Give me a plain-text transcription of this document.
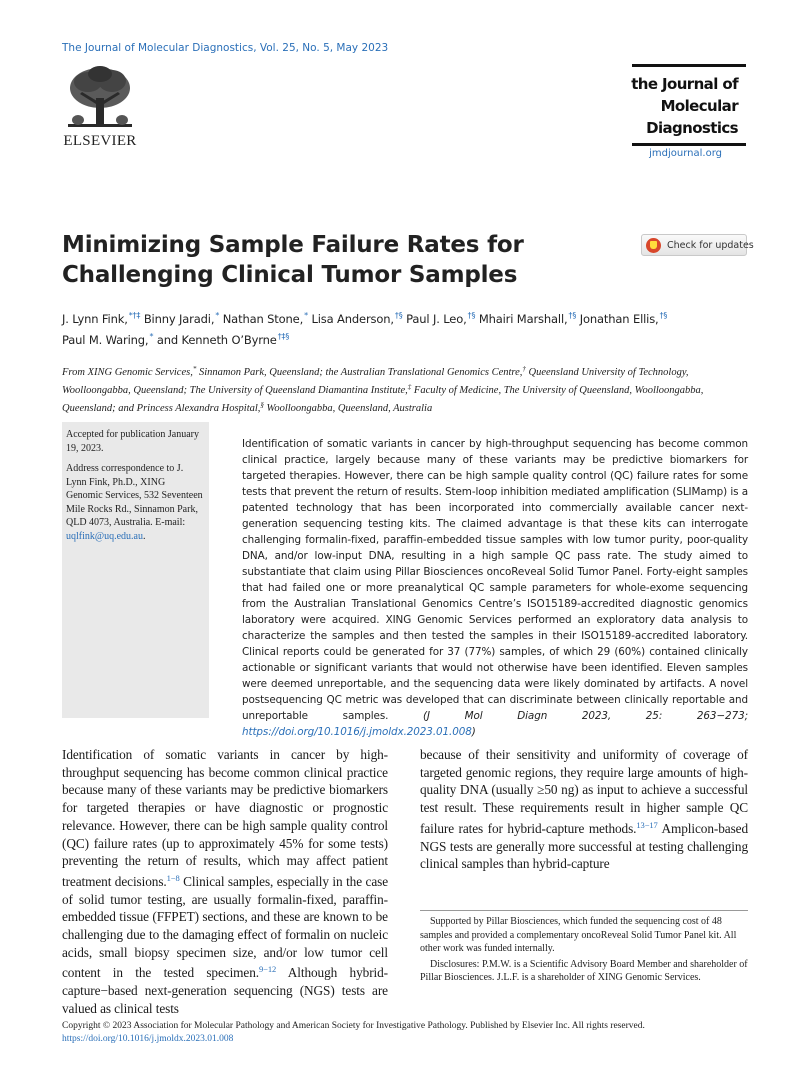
The Journal of Molecular Diagnostics, Vol. 25, No. 5, May 2023
ELSEVIER
the Journal of
Molecular
Diagnostics
jmdjournal.org
Minimizing Sample Failure Rates for
Challenging Clinical Tumor Samples
Check for updates
J. Lynn Fink,*†‡ Binny Jaradi,* Nathan Stone,* Lisa Anderson,†§ Paul J. Leo,†§ Mhairi Marshall,†§ Jonathan Ellis,†§
Paul M. Waring,* and Kenneth O’Byrne†‡§
From XING Genomic Services,* Sinnamon Park, Queensland; the Australian Translational Genomics Centre,† Queensland University of Technology, Woolloongabba, Queensland; The University of Queensland Diamantina Institute,‡ Faculty of Medicine, The University of Queensland, Woolloongabba, Queensland; and Princess Alexandra Hospital,§ Woolloongabba, Queensland, Australia

Accepted for publication January 19, 2023.

Address correspondence to J. Lynn Fink, Ph.D., XING Genomic Services, 532 Seventeen Mile Rocks Rd., Sinnamon Park, QLD 4073, Australia. E-mail: uqlfink@uq.edu.au.

Identification of somatic variants in cancer by high-throughput sequencing has become common clinical practice, largely because many of these variants may be predictive biomarkers for targeted therapies. However, there can be high sample quality control (QC) failure rates for some tests that prevent the return of results. Stem-loop inhibition mediated amplification (SLIMamp) is a patented technology that has been incorporated into commercially available cancer next-generation sequencing testing kits. The claimed advantage is that these kits can interrogate challenging formalin-fixed, paraffin-embedded tissue samples with low tumor purity, poor-quality DNA, and/or low-input DNA, resulting in a high sample QC pass rate. The study aimed to substantiate that claim using Pillar Biosciences oncoReveal Solid Tumor Panel. Forty-eight samples that had failed one or more preanalytical QC sample parameters for whole-exome sequencing from the Australian Translational Genomics Centre’s ISO15189-accredited diagnostic genomics laboratory were acquired. XING Genomic Services performed an exploratory data analysis to characterize the samples and then tested the samples in their ISO15189-accredited laboratory. Clinical reports could be generated for 37 (77%) samples, of which 29 (60%) contained clinically actionable or significant variants that would not otherwise have been identified. Eleven samples were deemed unreportable, and the sequencing data were likely dominated by artifacts. A novel postsequencing QC metric was developed that can discriminate between clinically reportable and unreportable samples. (J Mol Diagn 2023, 25: 263−273; https://doi.org/10.1016/j.jmoldx.2023.01.008)
Identification of somatic variants in cancer by high-throughput sequencing has become common clinical practice because many of these variants may be predictive biomarkers for targeted therapies or have diagnostic or prognostic relevance. However, there can be high sample quality control (QC) failure rates (up to approximately 45% for some tests) preventing the return of results, which may affect patient treatment decisions.$^{1-8}$ Clinical samples, especially in the case of solid tumor testing, are usually formalin-fixed, paraffin-embedded tissue (FFPET) sections, and these are known to be challenging due to the damaging effect of formalin on nucleic acids, small biopsy specimen size, and/or low tumor cell content in the tested specimen.$^{9-12}$ Although hybrid-capture−based next-generation sequencing (NGS) tests are valued as clinical tests
because of their sensitivity and uniformity of coverage of targeted genomic regions, they require large amounts of high-quality DNA (usually ≥50 ng) as input to achieve a successful test result. These requirements result in higher sample QC failure rates for hybrid-capture methods.$^{13-17}$ Amplicon-based NGS tests are generally more successful at testing challenging clinical samples than hybrid-capture

Supported by Pillar Biosciences, which funded the sequencing cost of 48 samples and provided a complementary oncoReveal Solid Tumor Panel kit. All other work was funded internally.

Disclosures: P.M.W. is a Scientific Advisory Board Member and shareholder of Pillar Biosciences. J.L.F. is a shareholder of XING Genomic Services.

Copyright © 2023 Association for Molecular Pathology and American Society for Investigative Pathology. Published by Elsevier Inc. All rights reserved.
https://doi.org/10.1016/j.jmoldx.2023.01.008
